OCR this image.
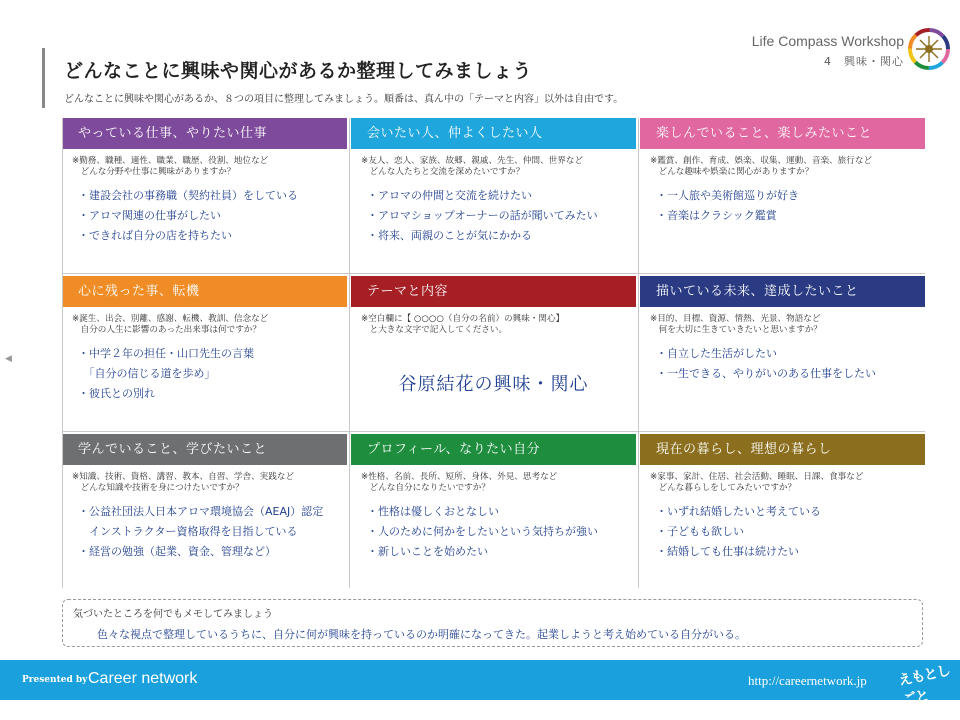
どんなことに興味や関心があるか整理してみましょう

どんなことに興味や関心があるか、８つの項目に整理してみましょう。順番は、真ん中の「テーマと内容」以外は自由です。

Life Compass Workshop
4　興味・関心
◀
やっている仕事、やりたい仕事
※勤務、職種、適性、職業、職歴、役割、地位など
　どんな分野や仕事に興味がありますか？
・建設会社の事務職（契約社員）をしている
・アロマ関連の仕事がしたい
・できれば自分の店を持ちたい
会いたい人、仲よくしたい人
※友人、恋人、家族、故郷、親戚、先生、仲間、世界など
　どんな人たちと交流を深めたいですか？
・アロマの仲間と交流を続けたい
・アロマショップオーナーの話が聞いてみたい
・将来、両親のことが気にかかる
楽しんでいること、楽しみたいこと
※鑑賞、創作、育成、娯楽、収集、運動、音楽、旅行など
　どんな趣味や娯楽に関心がありますか？
・一人旅や美術館巡りが好き
・音楽はクラシック鑑賞
心に残った事、転機
※誕生、出会、別離、感謝、転機、教訓、信念など
　自分の人生に影響のあった出来事は何ですか？
・中学２年の担任・山口先生の言葉
　「自分の信じる道を歩め」
・彼氏との別れ
テーマと内容
※空白欄に【 ○○○○（自分の名前）の興味・関心】
　と大きな文字で記入してください。
谷原結花の興味・関心
描いている未来、達成したいこと
※目的、目標、資源、情熱、光景、物語など
　何を大切に生きていきたいと思いますか？
・自立した生活がしたい
・一生できる、やりがいのある仕事をしたい
学んでいること、学びたいこと
※知識、技術、資格、講習、教本、自習、学舎、実践など
　どんな知識や技術を身につけたいですか？
・公益社団法人日本アロマ環境協会（AEAJ）認定
　インストラクター資格取得を目指している
・経営の勉強（起業、資金、管理など）
プロフィール、なりたい自分
※性格、名前、長所、短所、身体、外見、思考など
　どんな自分になりたいですか？
・性格は優しくおとなしい
・人のために何かをしたいという気持ちが強い
・新しいことを始めたい
現在の暮らし、理想の暮らし
※家事、家計、住居、社会活動、睡眠、日課、食事など
　どんな暮らしをしてみたいですか？
・いずれ結婚したいと考えている
・子どもも欲しい
・結婚しても仕事は続けたい
気づいたところを何でもメモしてみましょう
色々な視点で整理しているうちに、自分に何が興味を持っているのか明確になってきた。起業しようと考え始めている自分がいる。
Presented by Career network	http://careernetwork.jp えもとしごと
